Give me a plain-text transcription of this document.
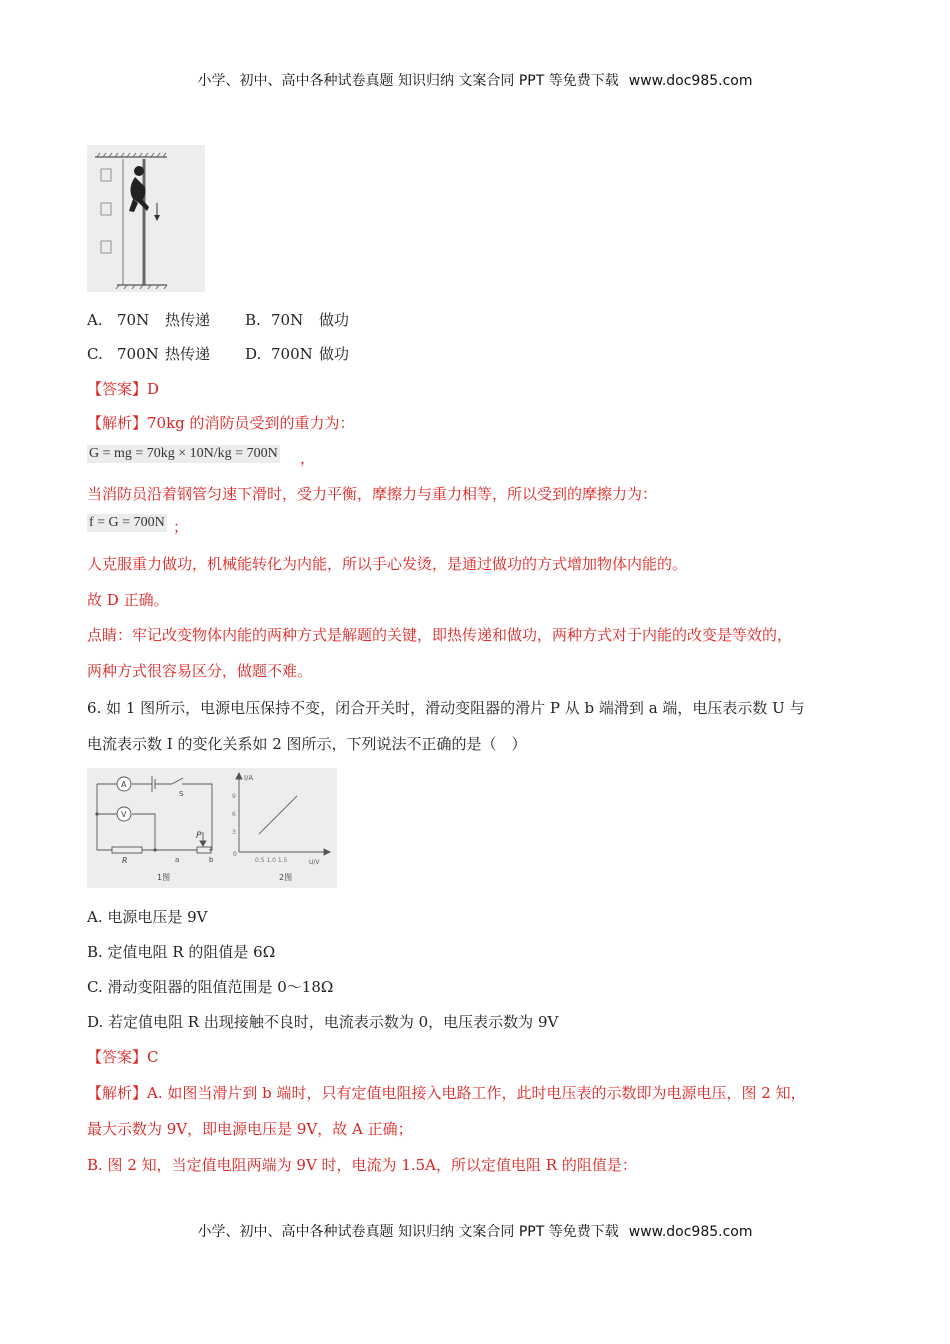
小学、初中、高中各种试卷真题 知识归纳 文案合同 PPT 等免费下载 www.doc985.com
小学、初中、高中各种试卷真题 知识归纳 文案合同 PPT 等免费下载 www.doc985.com
A. 70N 热传递 B. 70N 做功
C. 700N 热传递 D. 700N 做功
【答案】D
【解析】70kg 的消防员受到的重力为：
G = mg = 70kg × 10N/kg = 700N ，
当消防员沿着钢管匀速下滑时，受力平衡，摩擦力与重力相等，所以受到的摩擦力为：
f = G = 700N ；
人克服重力做功，机械能转化为内能，所以手心发烫，是通过做功的方式增加物体内能的。
故 D 正确。
点睛：牢记改变物体内能的两种方式是解题的关键，即热传递和做功，两种方式对于内能的改变是等效的，
两种方式很容易区分，做题不难。
6. 如 1 图所示，电源电压保持不变，闭合开关时，滑动变阻器的滑片 P 从 b 端滑到 a 端，电压表示数 U 与
电流表示数 I 的变化关系如 2 图所示，下列说法不正确的是（　）
A
V
S
R
P
a	b
1图
I/A
U/V
0
9
6
3
0.5 1.0 1.5
2图
A. 电源电压是 9V
B. 定值电阻 R 的阻值是 6Ω
C. 滑动变阻器的阻值范围是 0～18Ω
D. 若定值电阻 R 出现接触不良时，电流表示数为 0，电压表示数为 9V
【答案】C
【解析】A. 如图当滑片到 b 端时，只有定值电阻接入电路工作，此时电压表的示数即为电源电压，图 2 知，
最大示数为 9V，即电源电压是 9V，故 A 正确；
B. 图 2 知，当定值电阻两端为 9V 时，电流为 1.5A，所以定值电阻 R 的阻值是：
